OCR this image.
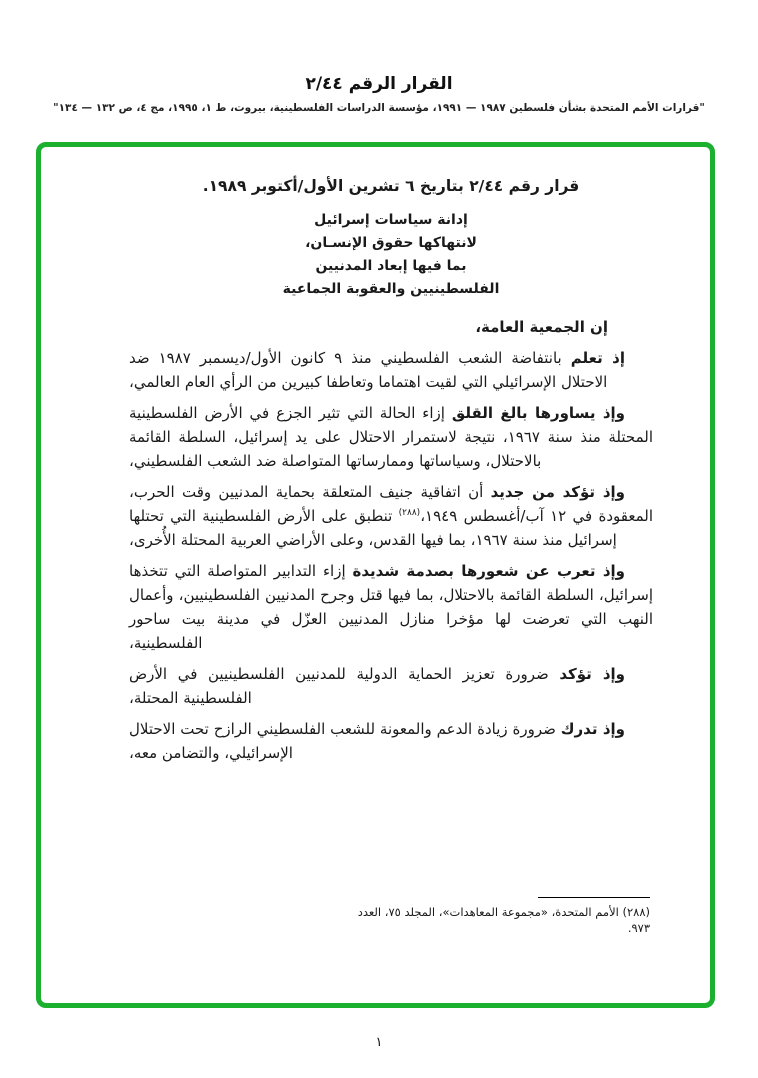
القرار الرقم ٢/٤٤
"قرارات الأمم المتحدة بشأن فلسطين ١٩٨٧ — ١٩٩١، مؤسسة الدراسات الفلسطينية، بيروت، ط ١، ١٩٩٥، مج ٤، ص ١٣٢ — ١٣٤"
قرار رقم ٢/٤٤ بتاريخ ٦ تشرين الأول/أكتوبر ١٩٨٩.
إدانة سياسات إسرائيل
لانتهاكها حقوق الإنسـان،
بما فيها إبعاد المدنيين
الفلسطينيين والعقوبة الجماعية

إن الجمعية العامة،

إذ تعلم بانتفاضة الشعب الفلسطيني منذ ٩ كانون الأول/ديسمبر ١٩٨٧ ضد الاحتلال الإسرائيلي التي لقيت اهتماما وتعاطفا كبيرين من الرأي العام العالمي،

وإذ يساورها بالغ القلق إزاء الحالة التي تثير الجزع في الأرض الفلسطينية المحتلة منذ سنة ١٩٦٧، نتيجة لاستمرار الاحتلال على يد إسرائيل، السلطة القائمة بالاحتلال، وسياساتها وممارساتها المتواصلة ضد الشعب الفلسطيني،

وإذ تؤكد من جديد أن اتفاقية جنيف المتعلقة بحماية المدنيين وقت الحرب، المعقودة في ١٢ آب/أغسطس ١٩٤٩،$^{(٢٨٨)}$ تنطبق على الأرض الفلسطينية التي تحتلها إسرائيل منذ سنة ١٩٦٧، بما فيها القدس، وعلى الأراضي العربية المحتلة الأُخرى،

وإذ تعرب عن شعورها بصدمة شديدة إزاء التدابير المتواصلة التي تتخذها إسرائيل، السلطة القائمة بالاحتلال، بما فيها قتل وجرح المدنيين الفلسطينيين، وأعمال النهب التي تعرضت لها مؤخرا منازل المدنيين العزّل في مدينة بيت ساحور الفلسطينية،

وإذ تؤكد ضرورة تعزيز الحماية الدولية للمدنيين الفلسطينيين في الأرض الفلسطينية المحتلة،

وإذ تدرك ضرورة زيادة الدعم والمعونة للشعب الفلسطيني الرازح تحت الاحتلال الإسرائيلي، والتضامن معه،

(٢٨٨) الأمم المتحدة، «مجموعة المعاهدات»، المجلد ٧٥، العدد ٩٧٣.

١
